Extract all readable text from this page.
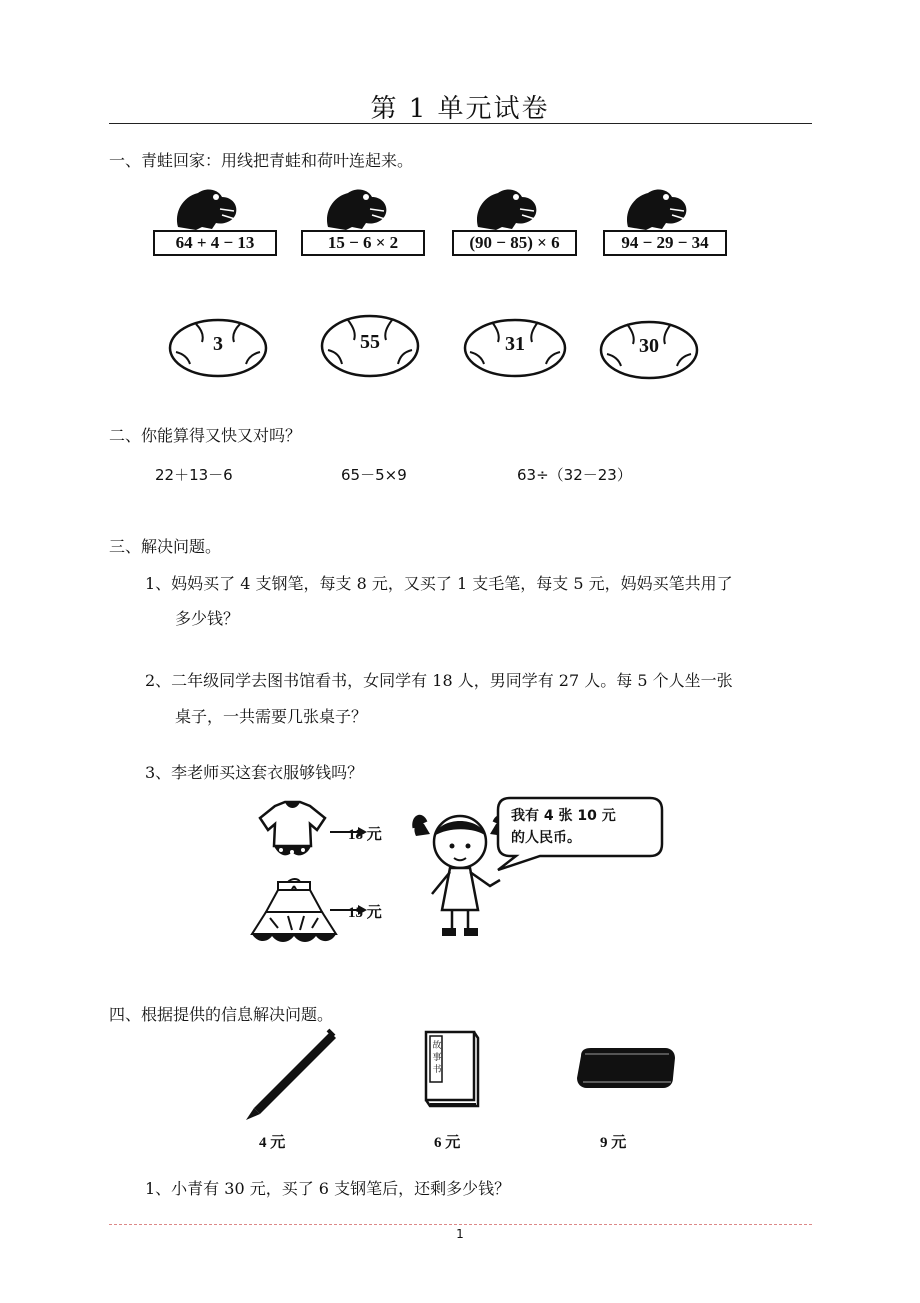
第 1 单元试卷
一、青蛙回家：用线把青蛙和荷叶连起来。
64 + 4 − 13	15 − 6 × 2	(90 − 85) × 6	94 − 29 − 34
3	55	31	30
二、你能算得又快又对吗？
22＋13－6	65－5×9	63÷（32－23）
三、解决问题。
1、妈妈买了 4 支钢笔，每支 8 元，又买了 1 支毛笔，每支 5 元，妈妈买笔共用了
多少钱？
2、二年级同学去图书馆看书，女同学有 18 人，男同学有 27 人。每 5 个人坐一张
桌子，一共需要几张桌子？
3、李老师买这套衣服够钱吗？
18 元
15 元
我有 4 张 10 元
的人民币。
四、根据提供的信息解决问题。
4 元
故事书
6 元	9 元
1、小青有 30 元，买了 6 支钢笔后，还剩多少钱？
1
